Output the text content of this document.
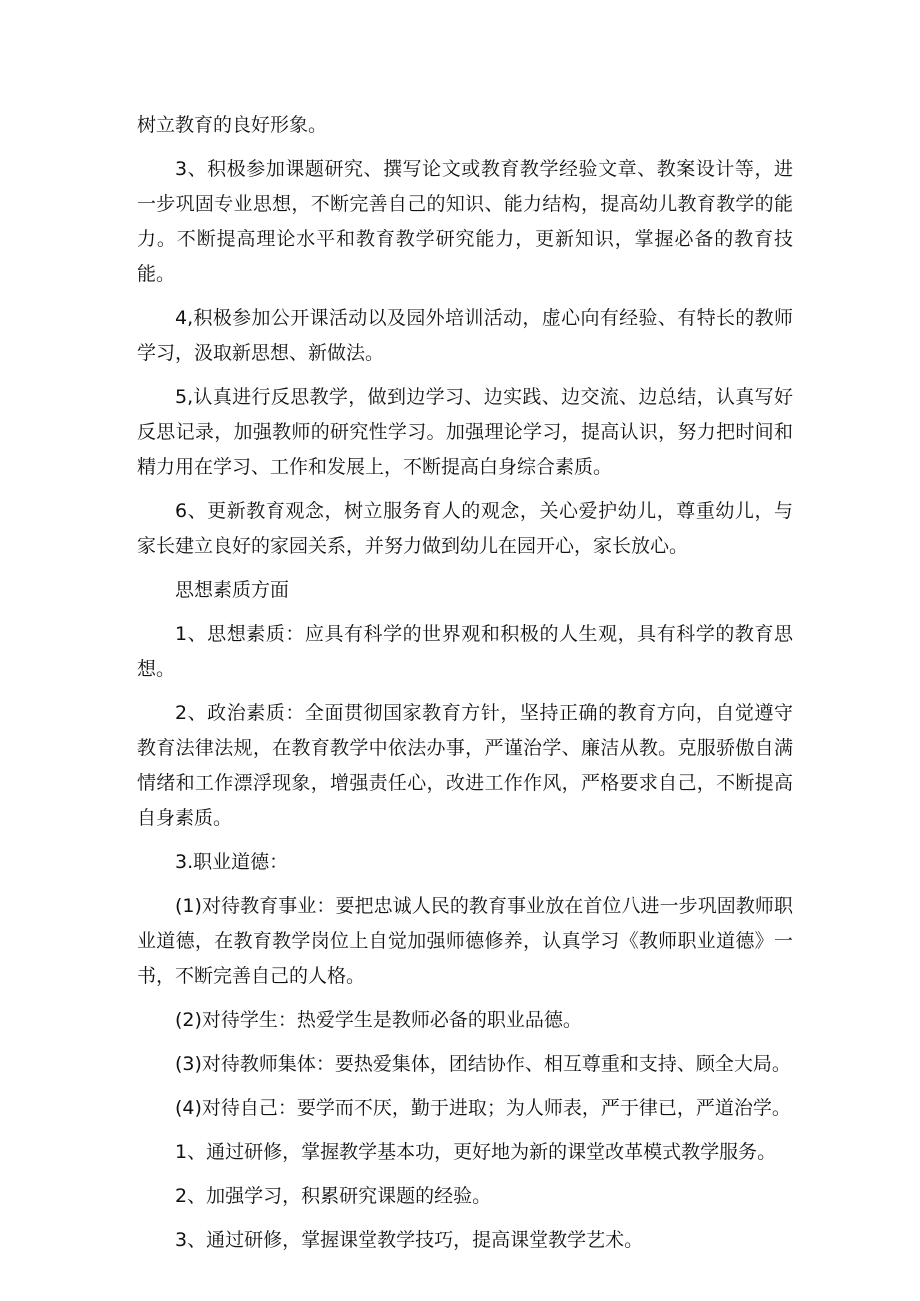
树立教育的良好形象。

3、积极参加课题研究、撰写论文或教育教学经验文章、教案设计等，进一步巩固专业思想，不断完善自己的知识、能力结构，提高幼儿教育教学的能力。不断提高理论水平和教育教学研究能力，更新知识，掌握必备的教育技能。

4,积极参加公开课活动以及园外培训活动，虚心向有经验、有特长的教师学习，汲取新思想、新做法。

5,认真进行反思教学，做到边学习、边实践、边交流、边总结，认真写好反思记录，加强教师的研究性学习。加强理论学习，提高认识，努力把时间和精力用在学习、工作和发展上，不断提高白身综合素质。

6、更新教育观念，树立服务育人的观念，关心爱护幼儿，尊重幼儿，与家长建立良好的家园关系，并努力做到幼儿在园开心，家长放心。

思想素质方面

1、思想素质：应具有科学的世界观和积极的人生观，具有科学的教育思想。

2、政治素质：全面贯彻国家教育方针，坚持正确的教育方向，自觉遵守教育法律法规，在教育教学中依法办事，严谨治学、廉洁从教。克服骄傲自满情绪和工作漂浮现象，增强责任心，改进工作作风，严格要求自己，不断提高自身素质。

3.职业道德：

(1)对待教育事业：要把忠诚人民的教育事业放在首位八进一步巩固教师职业道德，在教育教学岗位上自觉加强师德修养，认真学习《教师职业道德》一书，不断完善自己的人格。

(2)对待学生：热爱学生是教师必备的职业品德。

(3)对待教师集体：要热爱集体，团结协作、相互尊重和支持、顾全大局。

(4)对待自己：要学而不厌，勤于进取；为人师表，严于律已，严道治学。

1、通过研修，掌握教学基本功，更好地为新的课堂改革模式教学服务。

2、加强学习，积累研究课题的经验。

3、通过研修，掌握课堂教学技巧，提高课堂教学艺术。
